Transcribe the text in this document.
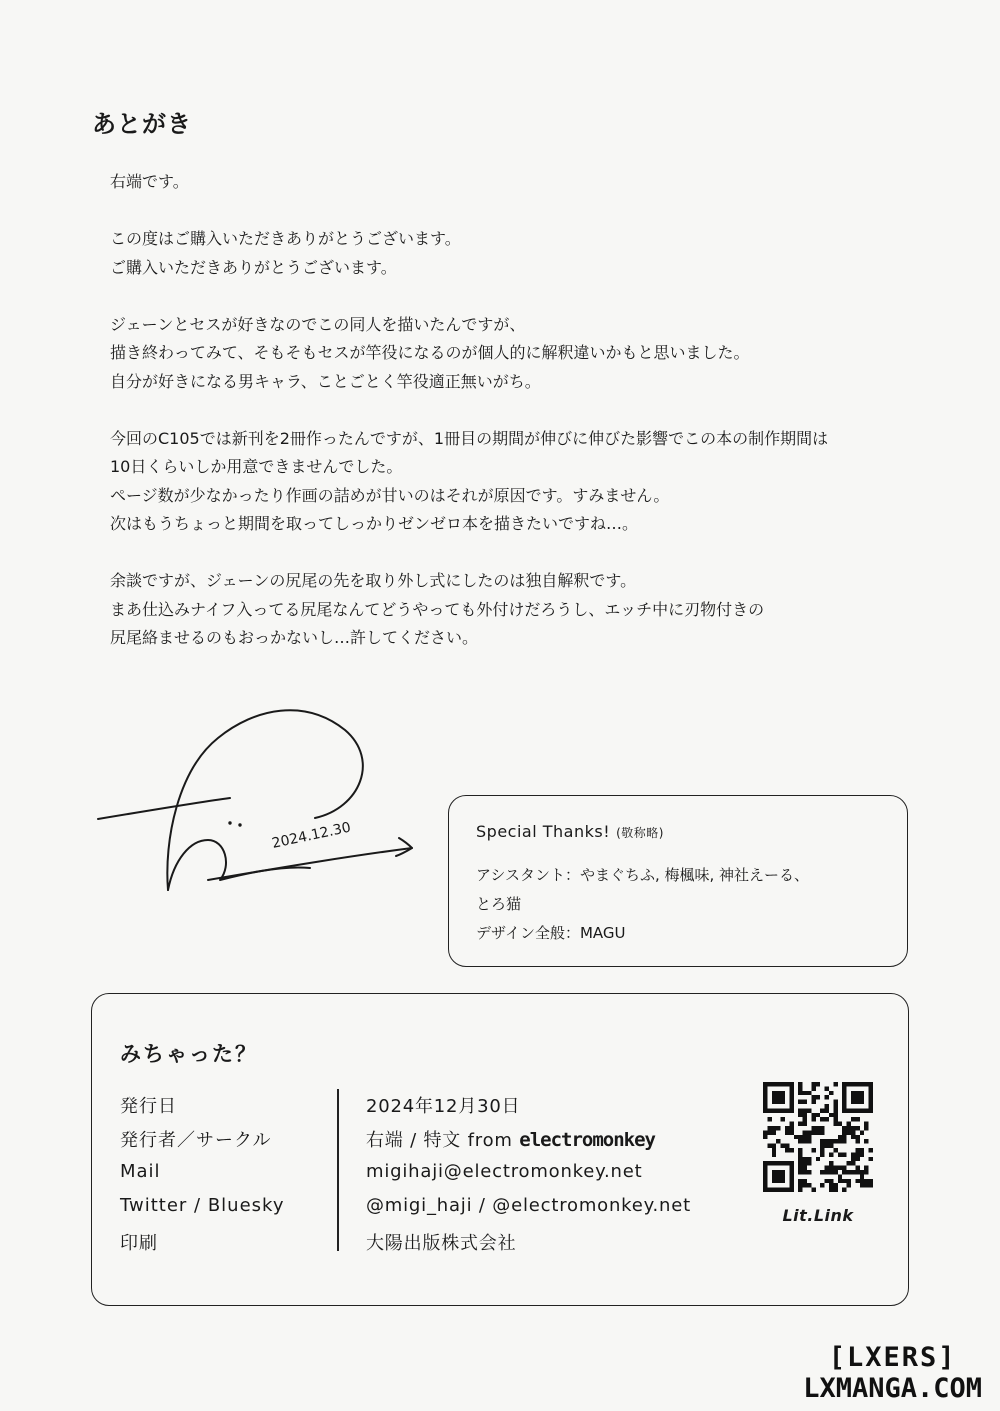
あとがき

右端です。

この度はご購入いただきありがとうございます。
ご購入いただきありがとうございます。

ジェーンとセスが好きなのでこの同人を描いたんですが、
描き終わってみて、そもそもセスが竿役になるのが個人的に解釈違いかもと思いました。
自分が好きになる男キャラ、ことごとく竿役適正無いがち。

今回のC105では新刊を2冊作ったんですが、1冊目の期間が伸びに伸びた影響でこの本の制作期間は
10日くらいしか用意できませんでした。
ページ数が少なかったり作画の詰めが甘いのはそれが原因です。すみません。
次はもうちょっと期間を取ってしっかりゼンゼロ本を描きたいですね…。

余談ですが、ジェーンの尻尾の先を取り外し式にしたのは独自解釈です。
まあ仕込みナイフ入ってる尻尾なんてどうやっても外付けだろうし、エッチ中に刃物付きの
尻尾絡ませるのもおっかないし…許してください。

2024.12.30	Special Thanks! (敬称略)
アシスタント：やまぐちふ, 梅楓味, 神社えーる、
とろ猫
デザイン全般：MAGU
みちゃった？
発行日
発行者／サークル
Mail
Twitter / Bluesky
印刷
2024年12月30日
右端 / 特文 from electromonkey
migihaji@electromonkey.net
@migi_haji / @electromonkey.net
大陽出版株式会社
Lit.Link
[LXERS]
LXMANGA.COM
